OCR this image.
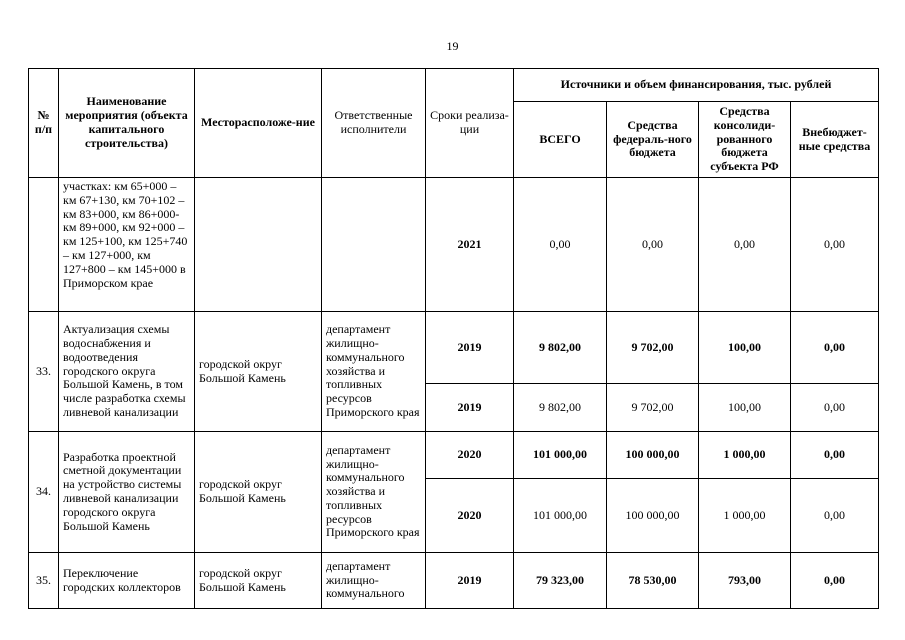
19
№ п/п	Наименование мероприятия (объекта капитального строительства)	Месторасположе-ние	Ответственные исполнители	Сроки реализа-ции	Источники и объем финансирования, тыс. рублей			
					ВСЕГО	Средства федераль-ного бюджета	Средства консолиди-рованного бюджета субъекта РФ	Внебюджет-ные средства
	участках: км 65+000 – км 67+130, км 70+102 – км 83+000, км 86+000- км 89+000, км 92+000 – км 125+100, км 125+740 – км 127+000, км 127+800 – км 145+000 в Приморском крае			2021	0,00	0,00	0,00	0,00
33.	Актуализация схемы водоснабжения и водоотведения городского округа Большой Камень, в том числе разработка схемы ливневой канализации	городской округ Большой Камень	департамент жилищно-коммунального хозяйства и топливных ресурсов Приморского края	2019	9 802,00	9 702,00	100,00	0,00
				2019	9 802,00	9 702,00	100,00	0,00
34.	Разработка проектной сметной документации на устройство системы ливневой канализации городского округа Большой Камень	городской округ Большой Камень	департамент жилищно-коммунального хозяйства и топливных ресурсов Приморского края	2020	101 000,00	100 000,00	1 000,00	0,00
				2020	101 000,00	100 000,00	1 000,00	0,00
35.	Переключение городских коллекторов	городской округ Большой Камень	департамент жилищно-коммунального	2019	79 323,00	78 530,00	793,00	0,00
